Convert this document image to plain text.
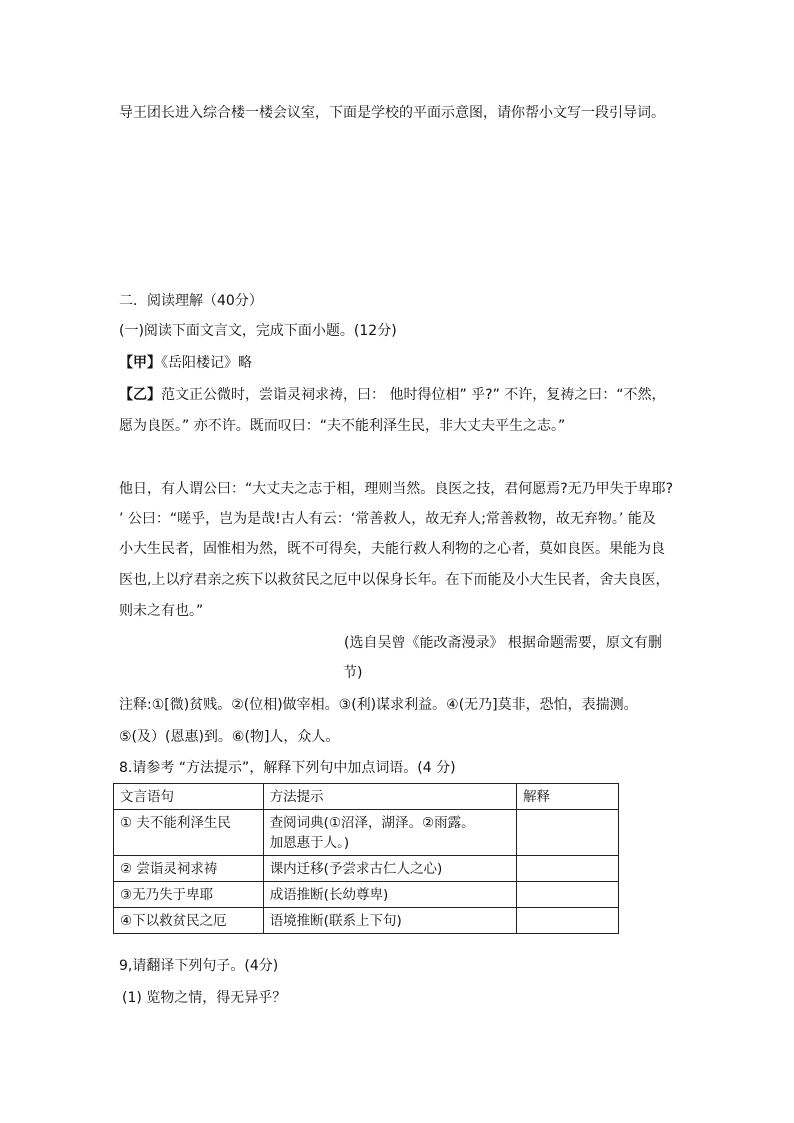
导王团长进入综合楼一楼会议室，下面是学校的平面示意图，请你帮小文写一段引导词。
二．阅读理解（40分）
(一)阅读下面文言文，完成下面小题。(12分)
【甲】《岳阳楼记》略
【乙】范文正公微时，尝诣灵祠求祷，曰： 他时得位相” 乎?” 不许，复祷之曰：“不然，
愿为良医。” 亦不许。既而叹曰：“夫不能利泽生民，非大丈夫平生之志。”
他日，有人谓公曰：“大丈夫之志于相，理则当然。良医之技，君何愿焉?无乃甲失于卑耶?
’ 公曰：“嗟乎，岂为是哉!古人有云：‘常善救人，故无弃人;常善救物，故无弃物。’ 能及
小大生民者，固惟相为然，既不可得矣，夫能行救人利物的之心者，莫如良医。果能为良
医也,上以疗君亲之疾下以救贫民之厄中以保身长年。在下而能及小大生民者，舍夫良医，
则未之有也。”
(选自吴曾《能改斋漫录》 根据命题需要，原文有删
节)
注释:①[微)贫贱。②(位相)做宰相。③(利)谋求利益。④(无乃]莫非，恐怕，表揣测。
⑤(及）(恩惠)到。⑥(物]人，众人。
8.请参考 “方法提示”，解释下列句中加点词语。(4 分)
文言语句	方法提示	解释
① 夫不能利泽生民	查阅词典(①沼泽，湖泽。②雨露。
加恩惠于人。)	

② 尝诣灵祠求祷	课内迁移(予尝求古仁人之心)	
③无乃失于卑耶	成语推断(长幼尊卑)	
④下以救贫民之厄	语境推断(联系上下句)	
9,请翻译下列句子。(4分)
(1) 览物之情，得无异乎？
